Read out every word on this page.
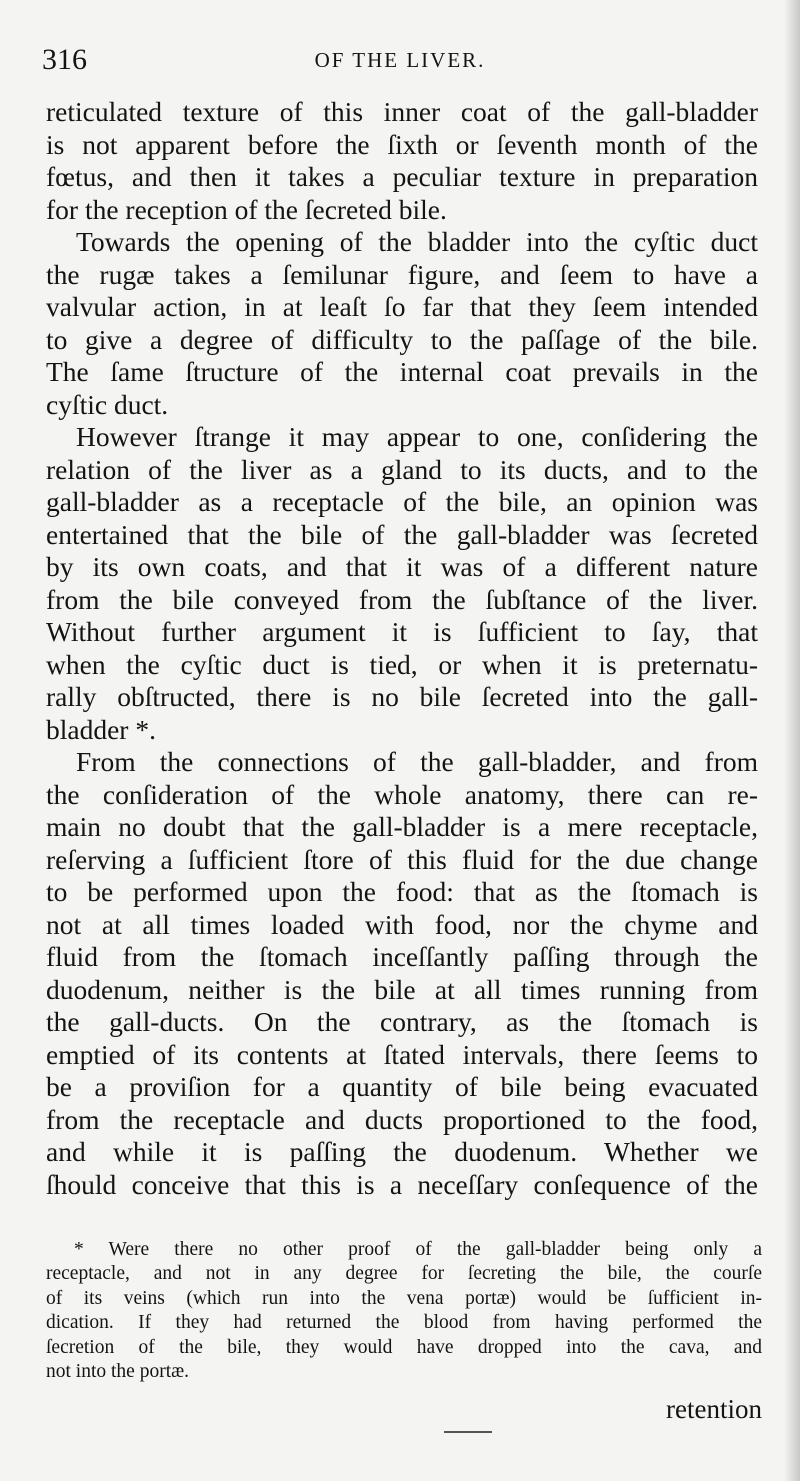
316	OF THE LIVER.
reticulated texture of this inner coat of the gall-bladder
is not apparent before the ſixth or ſeventh month of the
fœtus, and then it takes a peculiar texture in preparation
for the reception of the ſecreted bile.
Towards the opening of the bladder into the cyſtic duct
the rugæ takes a ſemilunar figure, and ſeem to have a
valvular action, in at leaſt ſo far that they ſeem intended
to give a degree of difficulty to the paſſage of the bile.
The ſame ſtructure of the internal coat prevails in the
cyſtic duct.
However ſtrange it may appear to one, conſidering the
relation of the liver as a gland to its ducts, and to the
gall-bladder as a receptacle of the bile, an opinion was
entertained that the bile of the gall-bladder was ſecreted
by its own coats, and that it was of a different nature
from the bile conveyed from the ſubſtance of the liver.
Without further argument it is ſufficient to ſay, that
when the cyſtic duct is tied, or when it is preternatu-
rally obſtructed, there is no bile ſecreted into the gall-
bladder *.
From the connections of the gall-bladder, and from
the conſideration of the whole anatomy, there can re-
main no doubt that the gall-bladder is a mere receptacle,
reſerving a ſufficient ſtore of this fluid for the due change
to be performed upon the food: that as the ſtomach is
not at all times loaded with food, nor the chyme and
fluid from the ſtomach inceſſantly paſſing through the
duodenum, neither is the bile at all times running from
the gall-ducts. On the contrary, as the ſtomach is
emptied of its contents at ſtated intervals, there ſeems to
be a proviſion for a quantity of bile being evacuated
from the receptacle and ducts proportioned to the food,
and while it is paſſing the duodenum. Whether we
ſhould conceive that this is a neceſſary conſequence of the
* Were there no other proof of the gall-bladder being only a
receptacle, and not in any degree for ſecreting the bile, the courſe
of its veins (which run into the vena portæ) would be ſufficient in-
dication. If they had returned the blood from having performed the
ſecretion of the bile, they would have dropped into the cava, and
not into the portæ.
retention
